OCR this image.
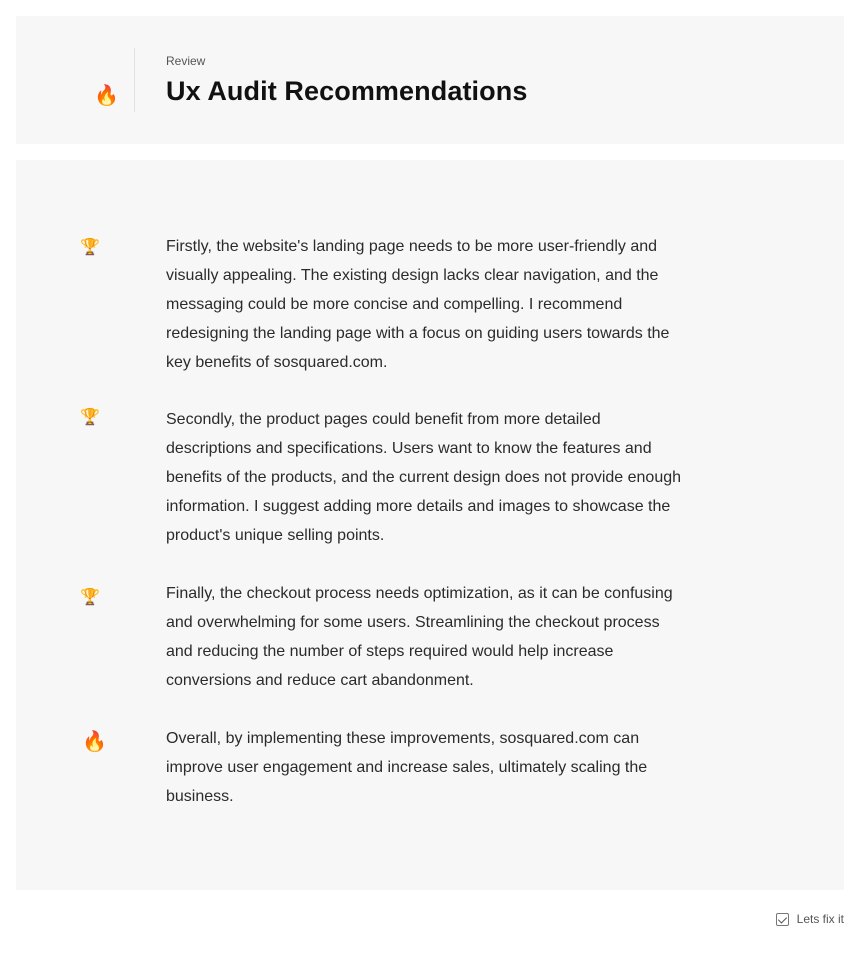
🔥
Review
Ux Audit Recommendations
🏆	Firstly, the website's landing page needs to be more user-friendly and visually appealing. The existing design lacks clear navigation, and the messaging could be more concise and compelling. I recommend redesigning the landing page with a focus on guiding users towards the key benefits of sosquared.com.

🏆	Secondly, the product pages could benefit from more detailed descriptions and specifications. Users want to know the features and benefits of the products, and the current design does not provide enough information. I suggest adding more details and images to showcase the product's unique selling points.

🏆	Finally, the checkout process needs optimization, as it can be confusing and overwhelming for some users. Streamlining the checkout process and reducing the number of steps required would help increase conversions and reduce cart abandonment.

🔥	Overall, by implementing these improvements, sosquared.com can improve user engagement and increase sales, ultimately scaling the business.

Lets fix it
